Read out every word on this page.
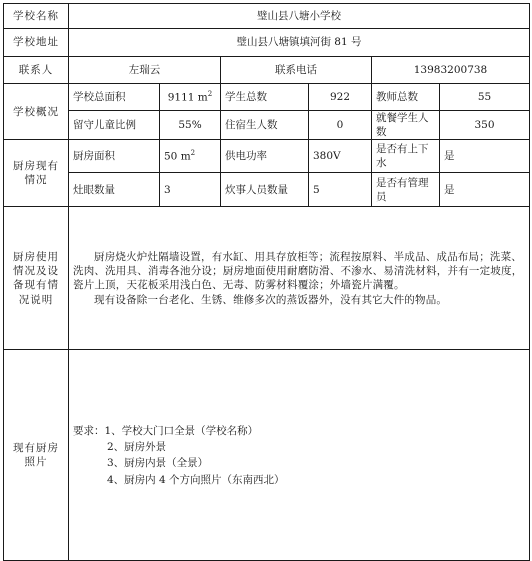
学校名称	璧山县八塘小学校					
学校地址	璧山县八塘镇填河街 81 号					
联系人	左瑞云		联系电话		13983200738	
学校概况	学校总面积	9111 $m^2$	学生总数	922	教师总数	55
	留守儿童比例	55%	住宿生人数	0	就餐学生人数	350
厨房现有情况	厨房面积	50 $m^2$	供电功率	380V	是否有上下水	是
	灶眼数量	3	炊事人员数量	5	是否有管理员	是
厨房使用情况及设备现有情况说明	厨房烧火炉灶隔墙设置，有水缸、用具存放柜等；流程按原料、半成品、成品布局；洗菜、洗肉、洗用具、消毒各池分设；厨房地面使用耐磨防滑、不渗水、易清洗材料，并有一定坡度，瓷片上顶，天花板采用浅白色、无毒、防雾材料覆涂；外墙瓷片满覆。

现有设备除一台老化、生锈、维修多次的蒸饭器外，没有其它大件的物品。					

现有厨房照片	要求：1、学校大门口全景（学校名称）
2、厨房外景
3、厨房内景（全景）
4、厨房内 4 个方向照片（东南西北）					
